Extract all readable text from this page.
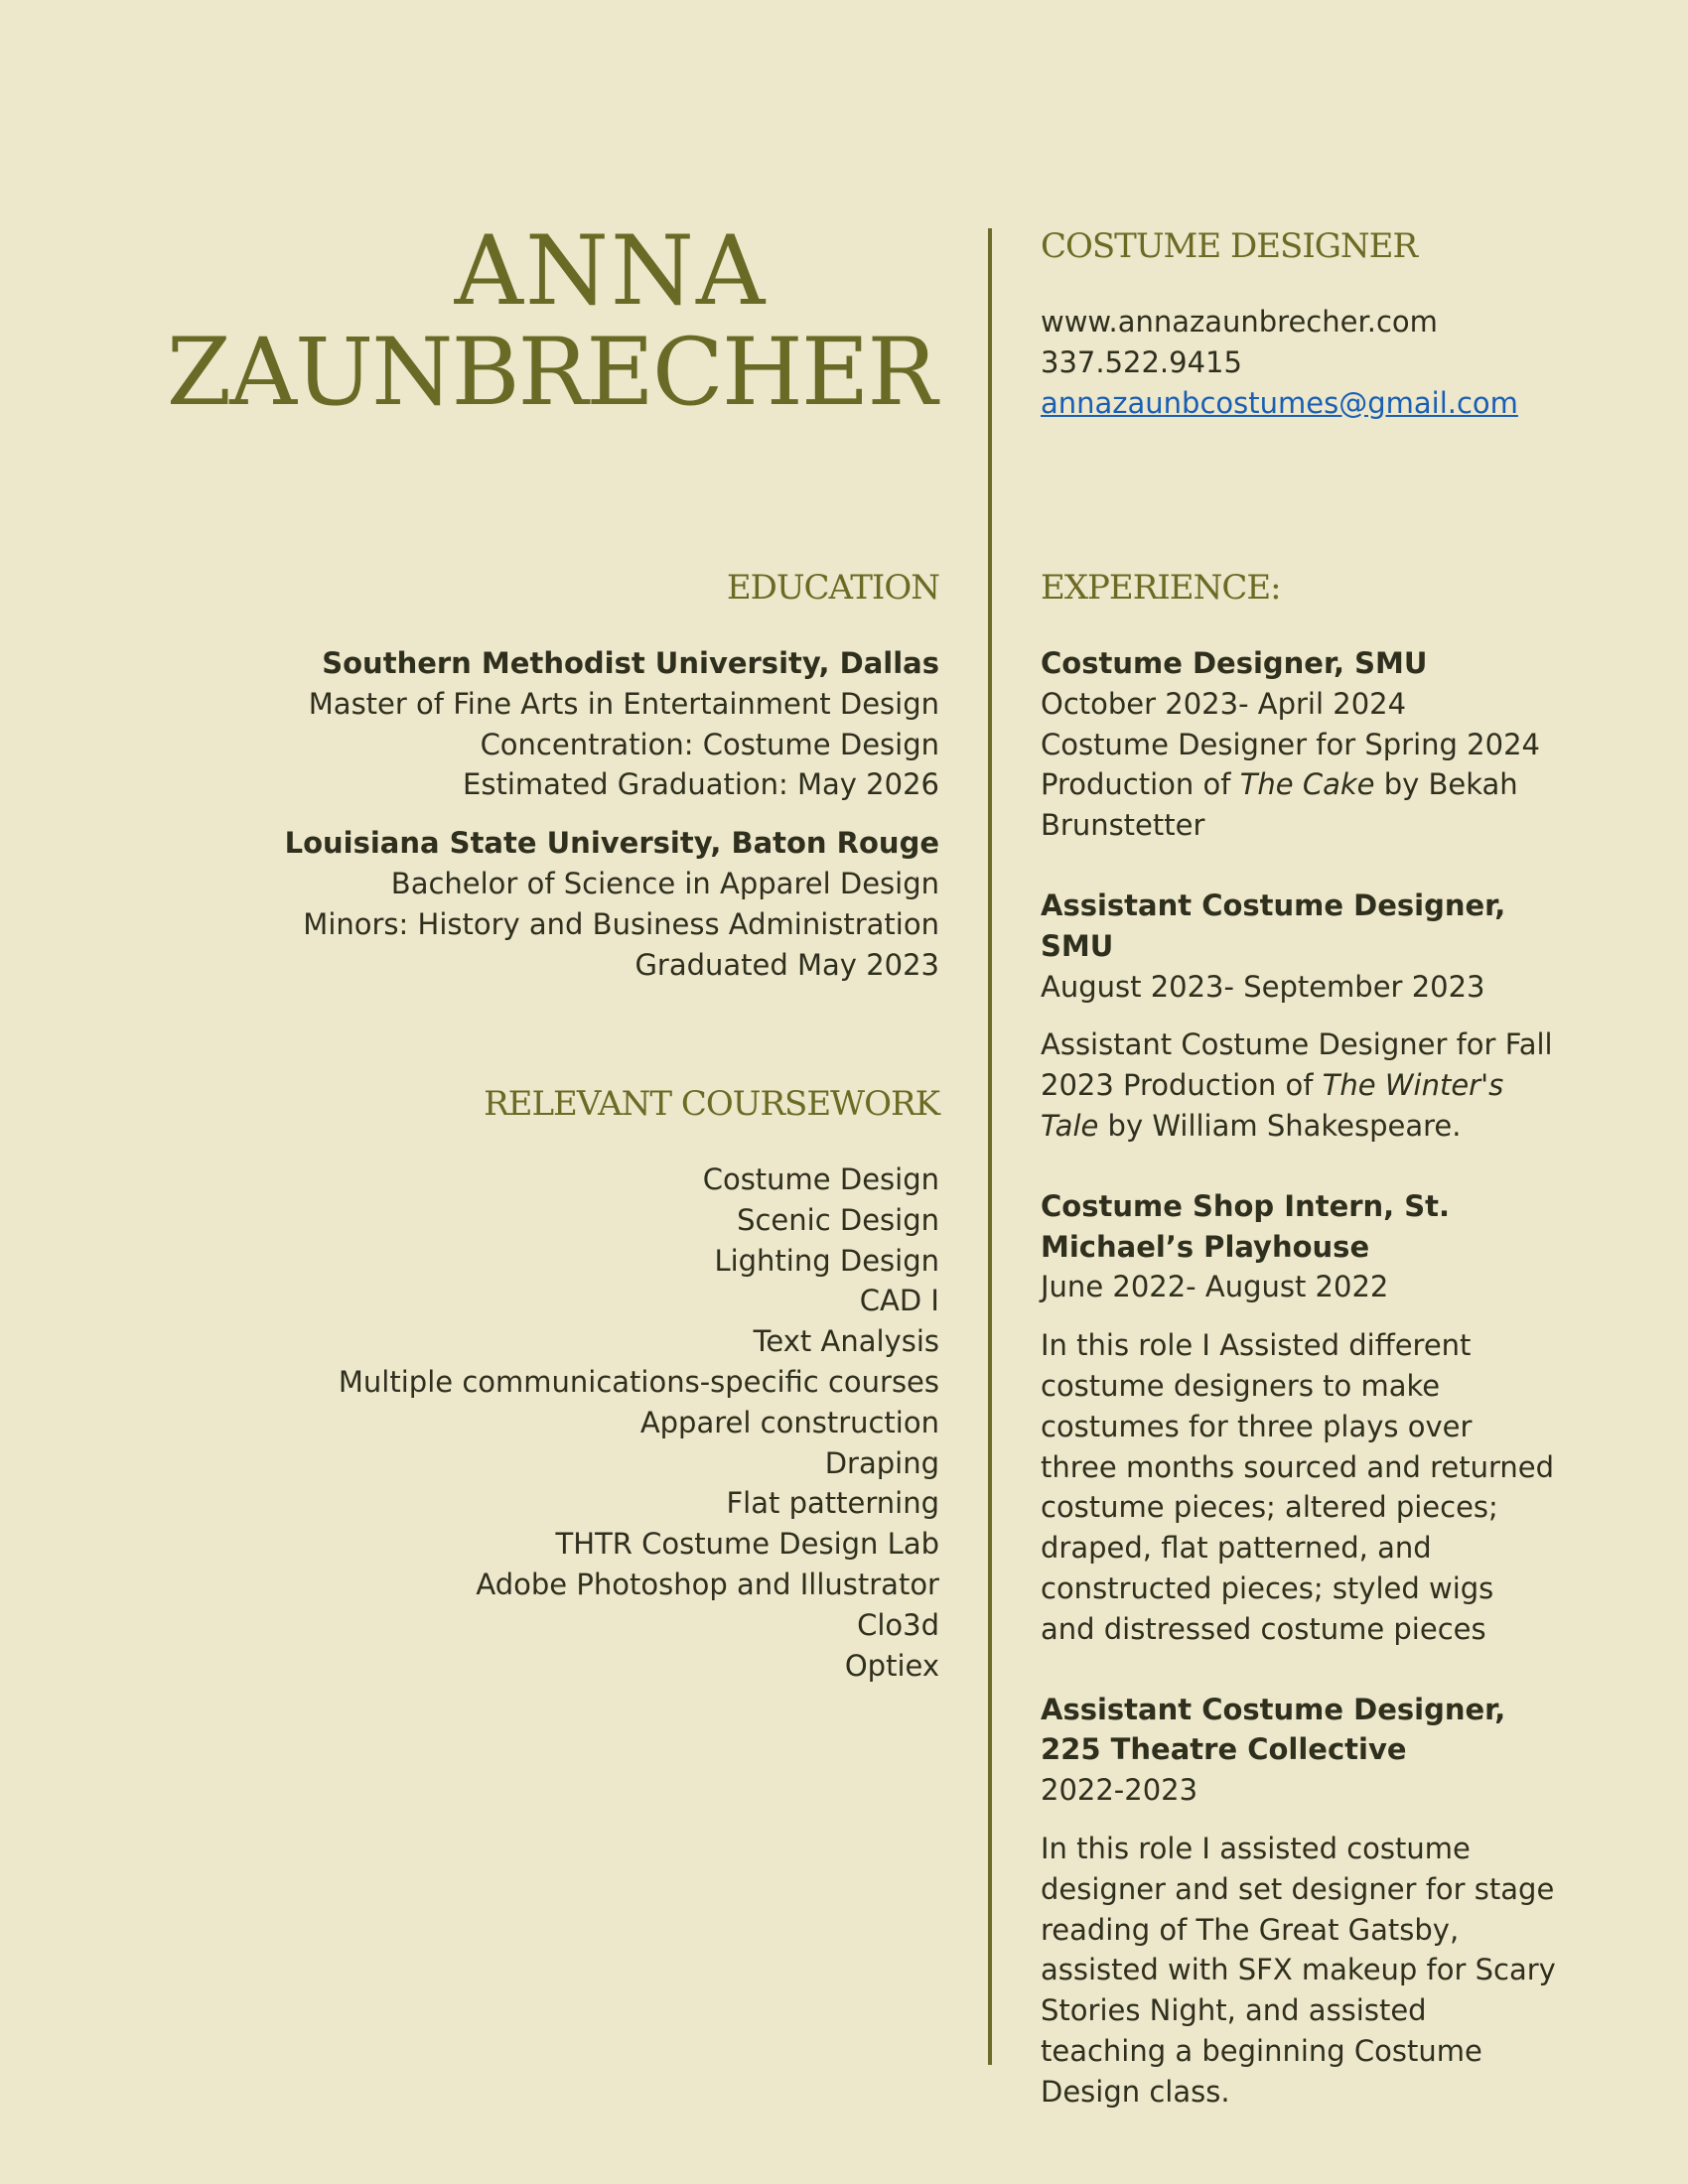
ANNA
ZAUNBRECHER
COSTUME DESIGNER
www.annazaunbrecher.com
337.522.9415
annazaunbcostumes@gmail.com
EDUCATION
Southern Methodist University, Dallas
Master of Fine Arts in Entertainment Design
Concentration: Costume Design
Estimated Graduation: May 2026
Louisiana State University, Baton Rouge
Bachelor of Science in Apparel Design
Minors: History and Business Administration
Graduated May 2023
RELEVANT COURSEWORK
Costume Design
Scenic Design
Lighting Design
CAD I
Text Analysis
Multiple communications-specific courses
Apparel construction
Draping
Flat patterning
THTR Costume Design Lab
Adobe Photoshop and Illustrator
Clo3d
Optiex
EXPERIENCE:
Costume Designer, SMU
October 2023- April 2024
Costume Designer for Spring 2024 Production of The Cake by Bekah Brunstetter
Assistant Costume Designer, SMU
August 2023- September 2023
Assistant Costume Designer for Fall 2023 Production of The Winter's Tale by William Shakespeare.
Costume Shop Intern, St. Michael’s Playhouse
June 2022- August 2022
In this role I Assisted different costume designers to make costumes for three plays over three months sourced and returned costume pieces; altered pieces; draped, flat patterned, and constructed pieces; styled wigs and distressed costume pieces
Assistant Costume Designer, 225 Theatre Collective
2022-2023
In this role I assisted costume designer and set designer for stage reading of The Great Gatsby, assisted with SFX makeup for Scary Stories Night, and assisted teaching a beginning Costume Design class.
